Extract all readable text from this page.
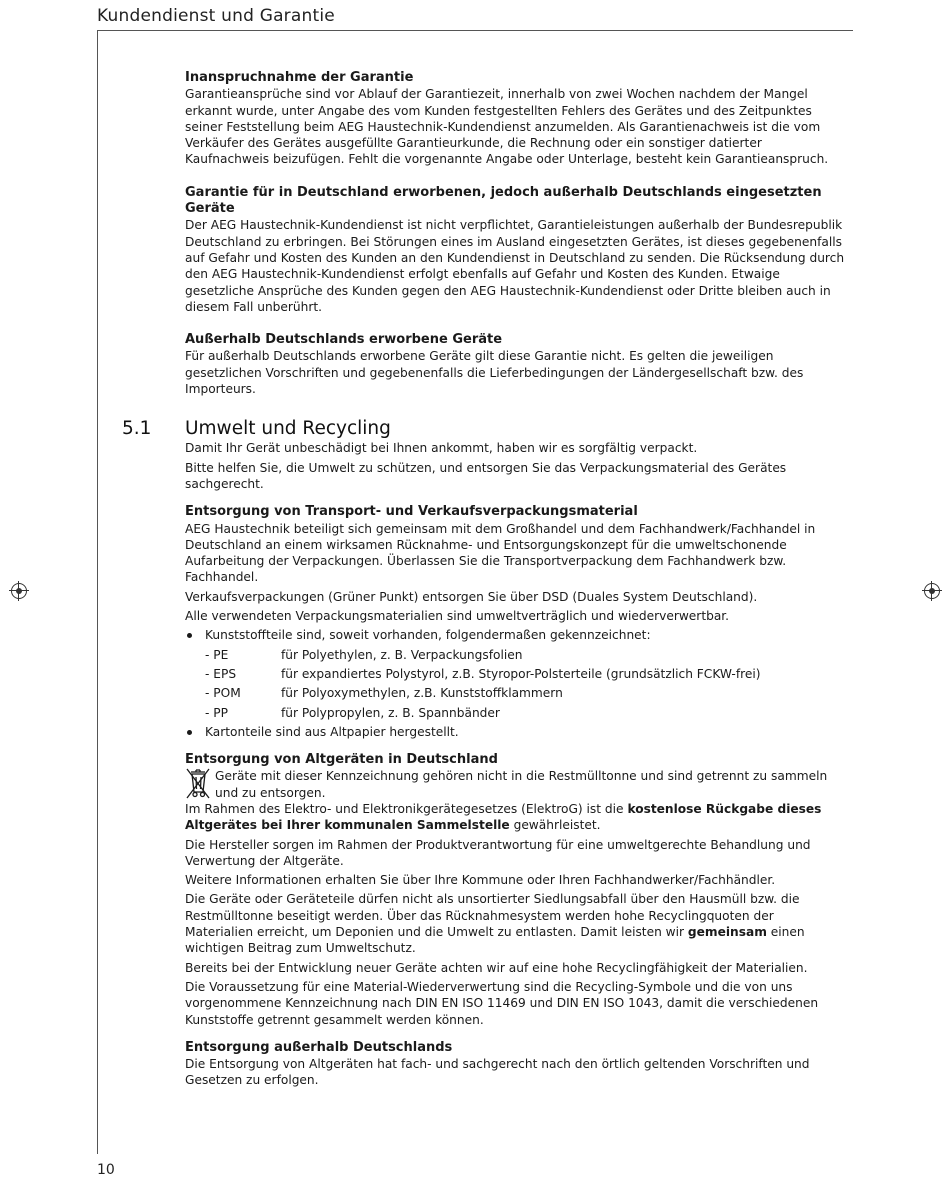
Kundendienst und Garantie

Inanspruchnahme der Garantie

Garantieansprüche sind vor Ablauf der Garantiezeit, innerhalb von zwei Wochen nachdem der Mangel erkannt wurde, unter Angabe des vom Kunden festgestellten Fehlers des Gerätes und des Zeitpunktes seiner Feststellung beim AEG Haustechnik-Kundendienst anzumelden. Als Garantienachweis ist die vom Verkäufer des Gerätes ausgefüllte Garantieurkunde, die Rechnung oder ein sonstiger datierter Kaufnachweis beizufügen. Fehlt die vorgenannte Angabe oder Unterlage, besteht kein Garantieanspruch.

Garantie für in Deutschland erworbenen, jedoch außerhalb Deutschlands eingesetzten Geräte

Der AEG Haustechnik-Kundendienst ist nicht verpflichtet, Garantieleistungen außerhalb der Bundesrepublik Deutschland zu erbringen. Bei Störungen eines im Ausland eingesetzten Gerätes, ist dieses gegebenenfalls auf Gefahr und Kosten des Kunden an den Kundendienst in Deutschland zu senden. Die Rücksendung durch den AEG Haustechnik-Kundendienst erfolgt ebenfalls auf Gefahr und Kosten des Kunden. Etwaige gesetzliche Ansprüche des Kunden gegen den AEG Haustechnik-Kundendienst oder Dritte bleiben auch in diesem Fall unberührt.

Außerhalb Deutschlands erworbene Geräte

Für außerhalb Deutschlands erworbene Geräte gilt diese Garantie nicht. Es gelten die jeweiligen gesetzlichen Vorschriften und gegebenenfalls die Lieferbedingungen der Ländergesellschaft bzw. des Importeurs.

5.1 Umwelt und Recycling

Damit Ihr Gerät unbeschädigt bei Ihnen ankommt, haben wir es sorgfältig verpackt.

Bitte helfen Sie, die Umwelt zu schützen, und entsorgen Sie das Verpackungsmaterial des Gerätes sachgerecht.

Entsorgung von Transport- und Verkaufsverpackungsmaterial

AEG Haustechnik beteiligt sich gemeinsam mit dem Großhandel und dem Fachhandwerk/Fachhandel in Deutschland an einem wirksamen Rücknahme- und Entsorgungskonzept für die umweltschonende Aufarbeitung der Verpackungen. Überlassen Sie die Transportverpackung dem Fachhandwerk bzw. Fachhandel.

Verkaufsverpackungen (Grüner Punkt) entsorgen Sie über DSD (Duales System Deutschland).

Alle verwendeten Verpackungsmaterialien sind umweltverträglich und wiederverwertbar.

Kunststoffteile sind, soweit vorhanden, folgendermaßen gekennzeichnet:

- PE	für Polyethylen, z. B. Verpackungsfolien
- EPS	für expandiertes Polystyrol, z.B. Styropor-Polsterteile (grundsätzlich FCKW-frei)
- POM	für Polyoxymethylen, z.B. Kunststoffklammern
- PP	für Polypropylen, z. B. Spannbänder

Kartonteile sind aus Altpapier hergestellt.

Entsorgung von Altgeräten in Deutschland

Geräte mit dieser Kennzeichnung gehören nicht in die Restmülltonne und sind getrennt zu sammeln und zu entsorgen.

Im Rahmen des Elektro- und Elektronikgerätegesetzes (ElektroG) ist die kostenlose Rückgabe dieses Altgerätes bei Ihrer kommunalen Sammelstelle gewährleistet.

Die Hersteller sorgen im Rahmen der Produktverantwortung für eine umweltgerechte Behandlung und Verwertung der Altgeräte.

Weitere Informationen erhalten Sie über Ihre Kommune oder Ihren Fachhandwerker/Fachhändler.

Die Geräte oder Geräteteile dürfen nicht als unsortierter Siedlungsabfall über den Hausmüll bzw. die Restmülltonne beseitigt werden. Über das Rücknahmesystem werden hohe Recyclingquoten der Materialien erreicht, um Deponien und die Umwelt zu entlasten. Damit leisten wir gemeinsam einen wichtigen Beitrag zum Umweltschutz.

Bereits bei der Entwicklung neuer Geräte achten wir auf eine hohe Recyclingfähigkeit der Materialien.

Die Voraussetzung für eine Material-Wiederverwertung sind die Recycling-Symbole und die von uns vorgenommene Kennzeichnung nach DIN EN ISO 11469 und DIN EN ISO 1043, damit die verschiedenen Kunststoffe getrennt gesammelt werden können.

Entsorgung außerhalb Deutschlands

Die Entsorgung von Altgeräten hat fach- und sachgerecht nach den örtlich geltenden Vorschriften und Gesetzen zu erfolgen.

10
